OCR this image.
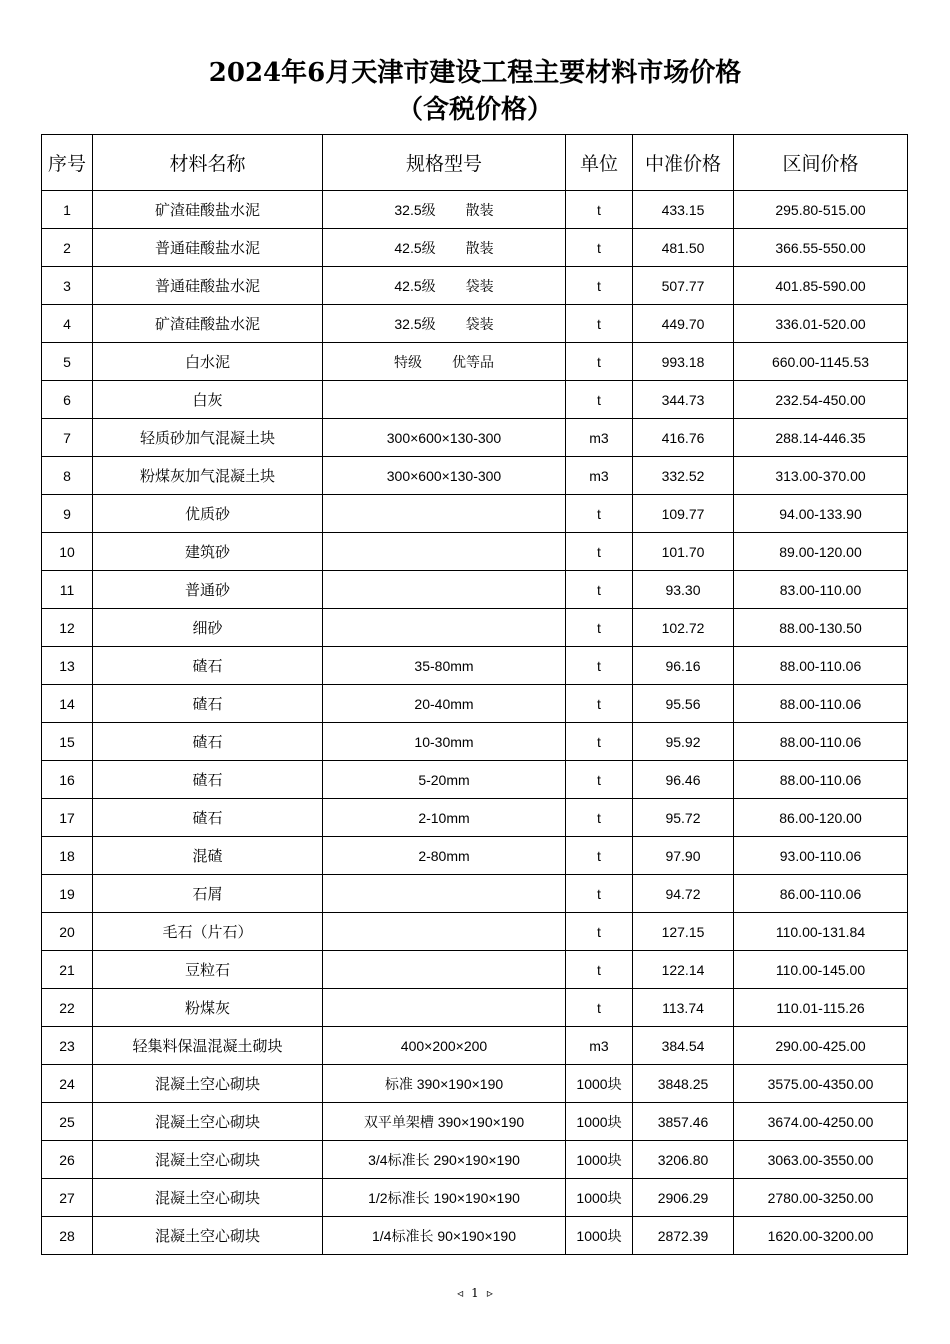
2024年6月天津市建设工程主要材料市场价格
（含税价格）
序号	材料名称	规格型号	单位	中准价格	区间价格
1	矿渣硅酸盐水泥	32.5级 散装	t	433.15	295.80-515.00
2	普通硅酸盐水泥	42.5级 散装	t	481.50	366.55-550.00
3	普通硅酸盐水泥	42.5级 袋装	t	507.77	401.85-590.00
4	矿渣硅酸盐水泥	32.5级 袋装	t	449.70	336.01-520.00
5	白水泥	特级 优等品	t	993.18	660.00-1145.53
6	白灰		t	344.73	232.54-450.00
7	轻质砂加气混凝土块	300×600×130-300	m3	416.76	288.14-446.35
8	粉煤灰加气混凝土块	300×600×130-300	m3	332.52	313.00-370.00
9	优质砂		t	109.77	94.00-133.90
10	建筑砂		t	101.70	89.00-120.00
11	普通砂		t	93.30	83.00-110.00
12	细砂		t	102.72	88.00-130.50
13	碴石	35-80mm	t	96.16	88.00-110.06
14	碴石	20-40mm	t	95.56	88.00-110.06
15	碴石	10-30mm	t	95.92	88.00-110.06
16	碴石	5-20mm	t	96.46	88.00-110.06
17	碴石	2-10mm	t	95.72	86.00-120.00
18	混碴	2-80mm	t	97.90	93.00-110.06
19	石屑		t	94.72	86.00-110.06
20	毛石（片石）		t	127.15	110.00-131.84
21	豆粒石		t	122.14	110.00-145.00
22	粉煤灰		t	113.74	110.01-115.26
23	轻集料保温混凝土砌块	400×200×200	m3	384.54	290.00-425.00
24	混凝土空心砌块	标准 390×190×190	1000块	3848.25	3575.00-4350.00
25	混凝土空心砌块	双平单架槽 390×190×190	1000块	3857.46	3674.00-4250.00
26	混凝土空心砌块	3/4标准长 290×190×190	1000块	3206.80	3063.00-3550.00
27	混凝土空心砌块	1/2标准长 190×190×190	1000块	2906.29	2780.00-3250.00
28	混凝土空心砌块	1/4标准长 90×190×190	1000块	2872.39	1620.00-3200.00
◃ 1 ▹
